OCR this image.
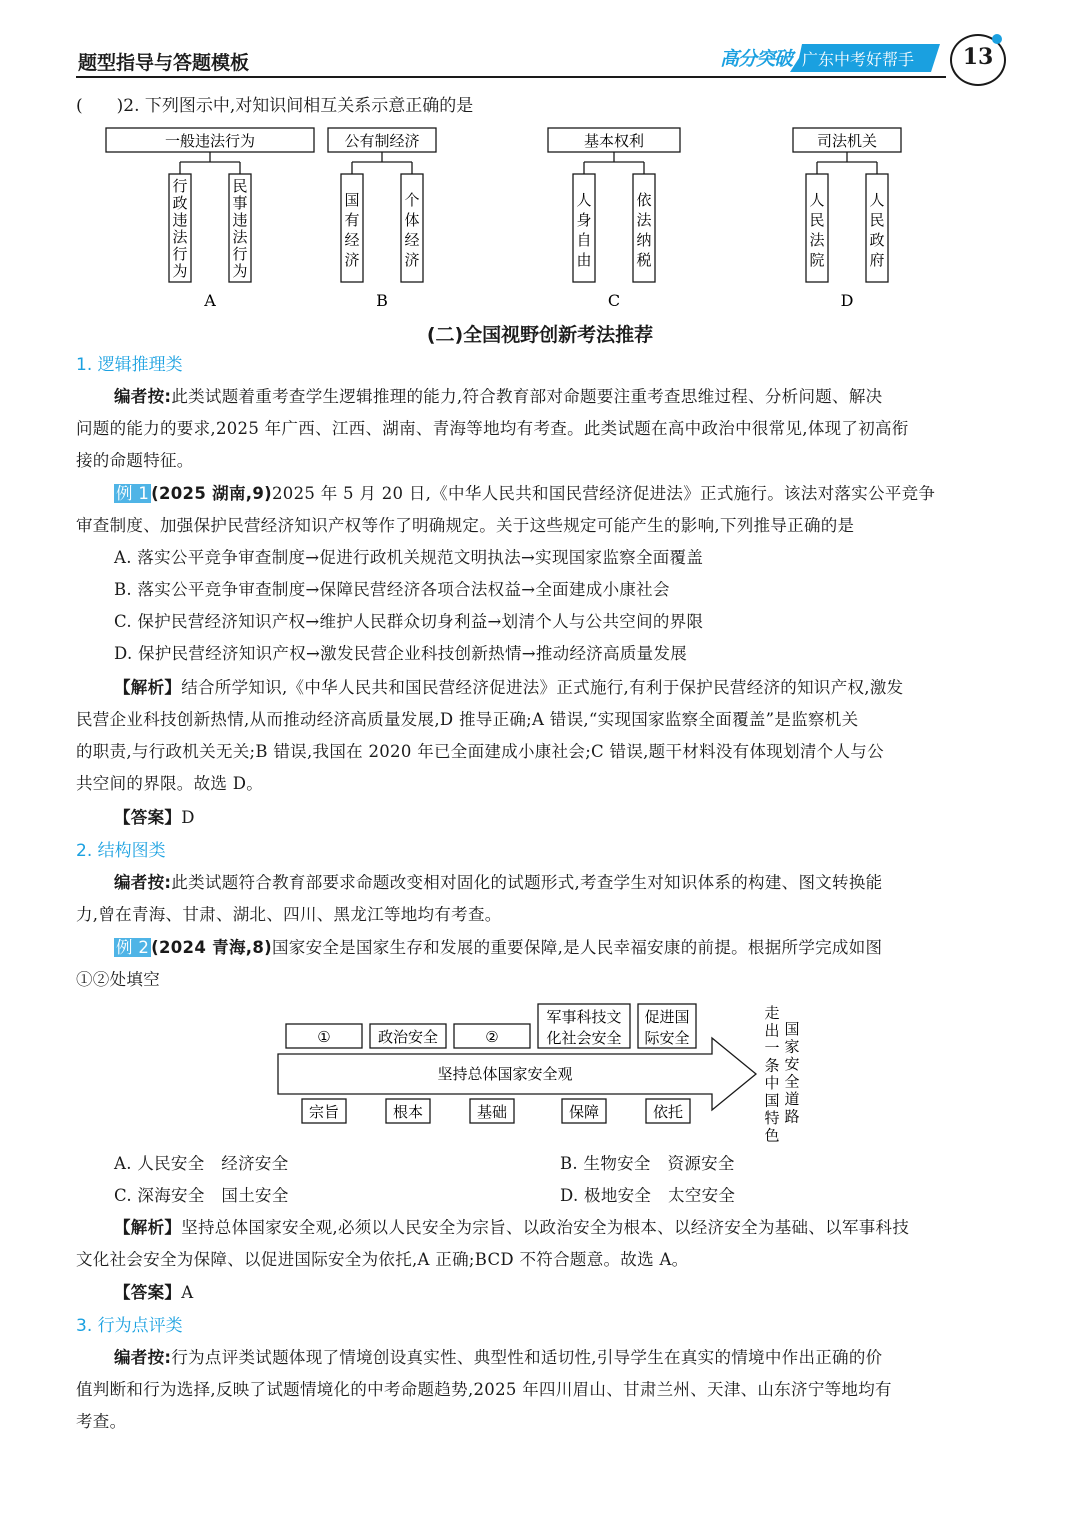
题型指导与答题模板	高分突破 广东中考好帮手	13
(　　)2. 下列图示中,对知识间相互关系示意正确的是
一般违法行为
行
政
违
法
行
为
民
事
违
法
行
为
A
公有制经济
国
有
经
济
个
体
经
济
B
基本权利
人
身
自
由
依
法
纳
税
C
司法机关
人
民
法
院
人
民
政
府
D
(二)全国视野创新考法推荐
1. 逻辑推理类
编者按:此类试题着重考查学生逻辑推理的能力,符合教育部对命题要注重考查思维过程、分析问题、解决
问题的能力的要求,2025 年广西、江西、湖南、青海等地均有考查。此类试题在高中政治中很常见,体现了初高衔
接的命题特征。
例 1 (2025 湖南,9)2025 年 5 月 20 日,《中华人民共和国民营经济促进法》正式施行。该法对落实公平竞争
审查制度、加强保护民营经济知识产权等作了明确规定。关于这些规定可能产生的影响,下列推导正确的是
A. 落实公平竞争审查制度→促进行政机关规范文明执法→实现国家监察全面覆盖
B. 落实公平竞争审查制度→保障民营经济各项合法权益→全面建成小康社会
C. 保护民营经济知识产权→维护人民群众切身利益→划清个人与公共空间的界限
D. 保护民营经济知识产权→激发民营企业科技创新热情→推动经济高质量发展
【解析】结合所学知识,《中华人民共和国民营经济促进法》正式施行,有利于保护民营经济的知识产权,激发
民营企业科技创新热情,从而推动经济高质量发展,D 推导正确;A 错误,“实现国家监察全面覆盖”是监察机关
的职责,与行政机关无关;B 错误,我国在 2020 年已全面建成小康社会;C 错误,题干材料没有体现划清个人与公
共空间的界限。故选 D。
【答案】D
2. 结构图类
编者按:此类试题符合教育部要求命题改变相对固化的试题形式,考查学生对知识体系的构建、图文转换能
力,曾在青海、甘肃、湖北、四川、黑龙江等地均有考查。
例 2 (2024 青海,8)国家安全是国家生存和发展的重要保障,是人民幸福安康的前提。根据所学完成如图
①②处填空
①	政治安全	②
军事科技文
化社会安全
促进国
际安全
坚持总体国家安全观
宗旨	根本	基础	保障	依托
走
出
一
条
中
国
特
色
国
家
安
全
道
路
A. 人民安全　经济安全	B. 生物安全　资源安全
C. 深海安全　国土安全	D. 极地安全　太空安全
【解析】坚持总体国家安全观,必须以人民安全为宗旨、以政治安全为根本、以经济安全为基础、以军事科技
文化社会安全为保障、以促进国际安全为依托,A 正确;BCD 不符合题意。故选 A。
【答案】A
3. 行为点评类
编者按:行为点评类试题体现了情境创设真实性、典型性和适切性,引导学生在真实的情境中作出正确的价
值判断和行为选择,反映了试题情境化的中考命题趋势,2025 年四川眉山、甘肃兰州、天津、山东济宁等地均有
考查。
